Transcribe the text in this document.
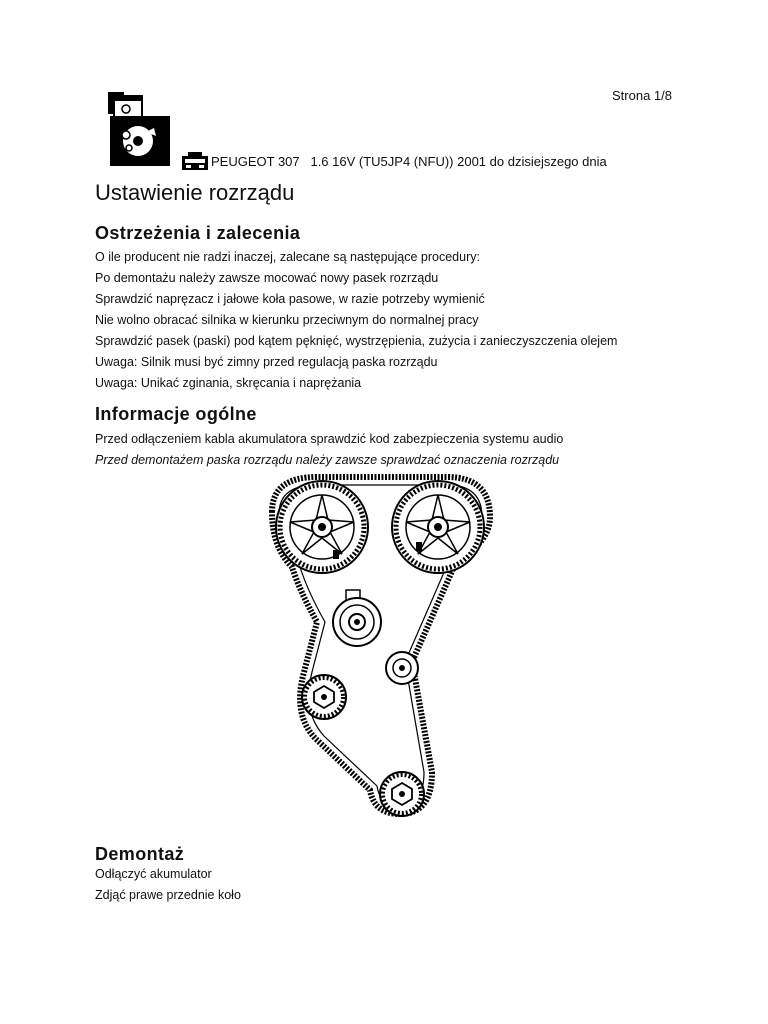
Strona 1/8
PEUGEOT 307   1.6 16V (TU5JP4 (NFU)) 2001 do dzisiejszego dnia
Ustawienie rozrządu
Ostrzeżenia i zalecenia
O ile producent nie radzi inaczej, zalecane są następujące procedury:
Po demontażu należy zawsze mocować nowy pasek rozrządu
Sprawdzić napręzacz i jałowe koła pasowe, w razie potrzeby wymienić
Nie wolno obracać silnika w kierunku przeciwnym do normalnej pracy
Sprawdzić pasek (paski) pod kątem pęknięć, wystrzępienia, zużycia i zanieczyszczenia olejem
Uwaga: Silnik musi być zimny przed regulacją paska rozrządu
Uwaga: Unikać zginania, skręcania i naprężania
Informacje ogólne
Przed odłączeniem kabla akumulatora sprawdzić kod zabezpieczenia systemu audio
Przed demontażem paska rozrządu należy zawsze sprawdzać oznaczenia rozrządu
Demontaż
Odłączyć akumulator
Zdjąć prawe przednie koło
